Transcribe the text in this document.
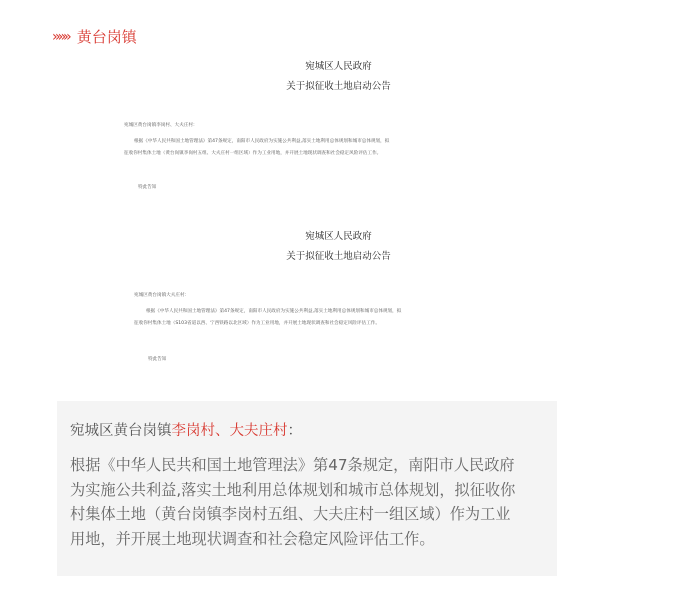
»»» 黄台岗镇
宛城区人民政府
关于拟征收土地启动公告
宛城区黄台岗镇李岗村、大夫庄村：
根据《中华人民共和国土地管理法》第47条规定，南阳市人民政府为实施公共利益,落实土地利用总体规划和城市总体规划，拟
征收你村集体土地（黄台岗镇李岗村五组、大夫庄村一组区域）作为工业用地，并开展土地现状调查和社会稳定风险评估工作。
特此告知
宛城区人民政府
关于拟征收土地启动公告
宛城区黄台岗镇大夫庄村：
根据《中华人民共和国土地管理法》第47条规定，南阳市人民政府为实施公共利益,落实土地利用总体规划和城市总体规划，拟
征收你村集体土地（S103省道以西、宁西铁路以北区域）作为工业用地，并开展土地现状调查和社会稳定风险评估工作。
特此告知
宛城区黄台岗镇李岗村、大夫庄村：
根据《中华人民共和国土地管理法》第47条规定，南阳市人民政府
为实施公共利益,落实土地利用总体规划和城市总体规划，拟征收你
村集体土地（黄台岗镇李岗村五组、大夫庄村一组区域）作为工业
用地，并开展土地现状调查和社会稳定风险评估工作。
